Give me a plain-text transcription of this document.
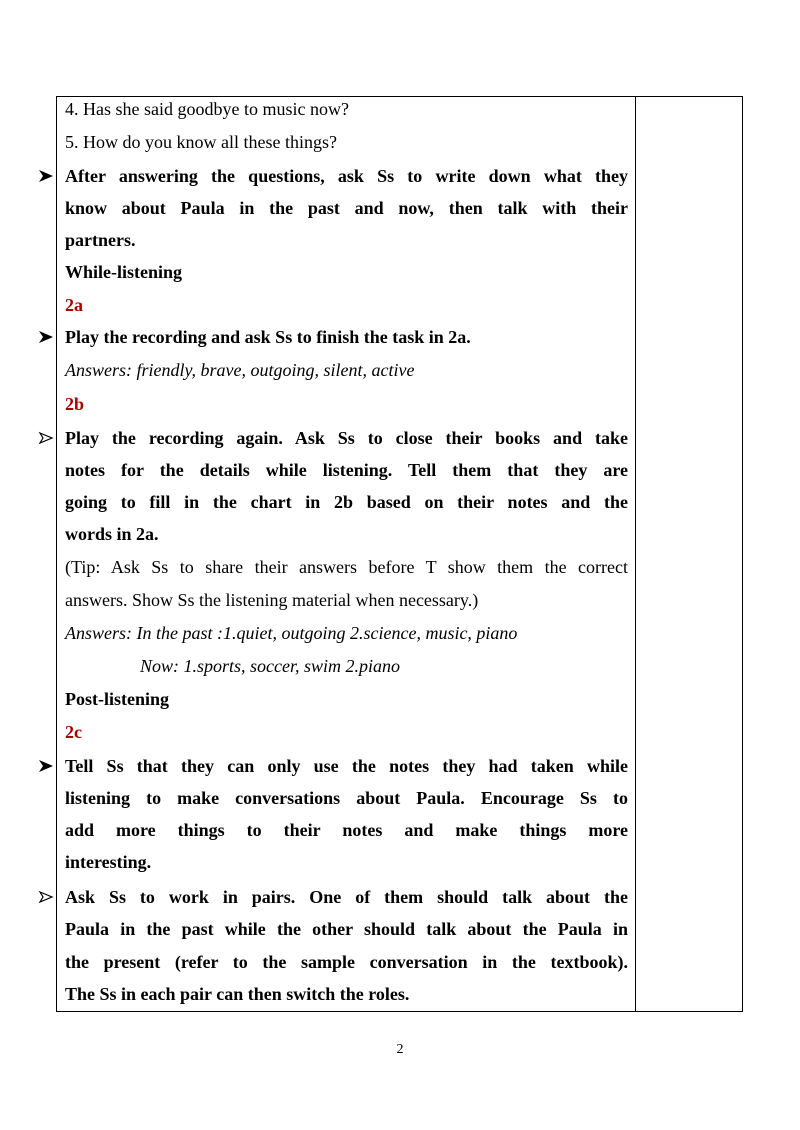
4. Has she said goodbye to music now?
5. How do you know all these things?
After answering the questions, ask Ss to write down what they
know about Paula in the past and now, then talk with their
partners.
While-listening
2a
Play the recording and ask Ss to finish the task in 2a.
Answers: friendly, brave, outgoing, silent, active
2b
Play the recording again. Ask Ss to close their books and take
notes for the details while listening. Tell them that they are
going to fill in the chart in 2b based on their notes and the
words in 2a.
(Tip: Ask Ss to share their answers before T show them the correct
answers. Show Ss the listening material when necessary.)
Answers: In the past :1.quiet, outgoing 2.science, music, piano
Now: 1.sports, soccer, swim 2.piano
Post-listening
2c
Tell Ss that they can only use the notes they had taken while
listening to make conversations about Paula. Encourage Ss to
add more things to their notes and make things more
interesting.
Ask Ss to work in pairs. One of them should talk about the
Paula in the past while the other should talk about the Paula in
the present (refer to the sample conversation in the textbook).
The Ss in each pair can then switch the roles.
2
